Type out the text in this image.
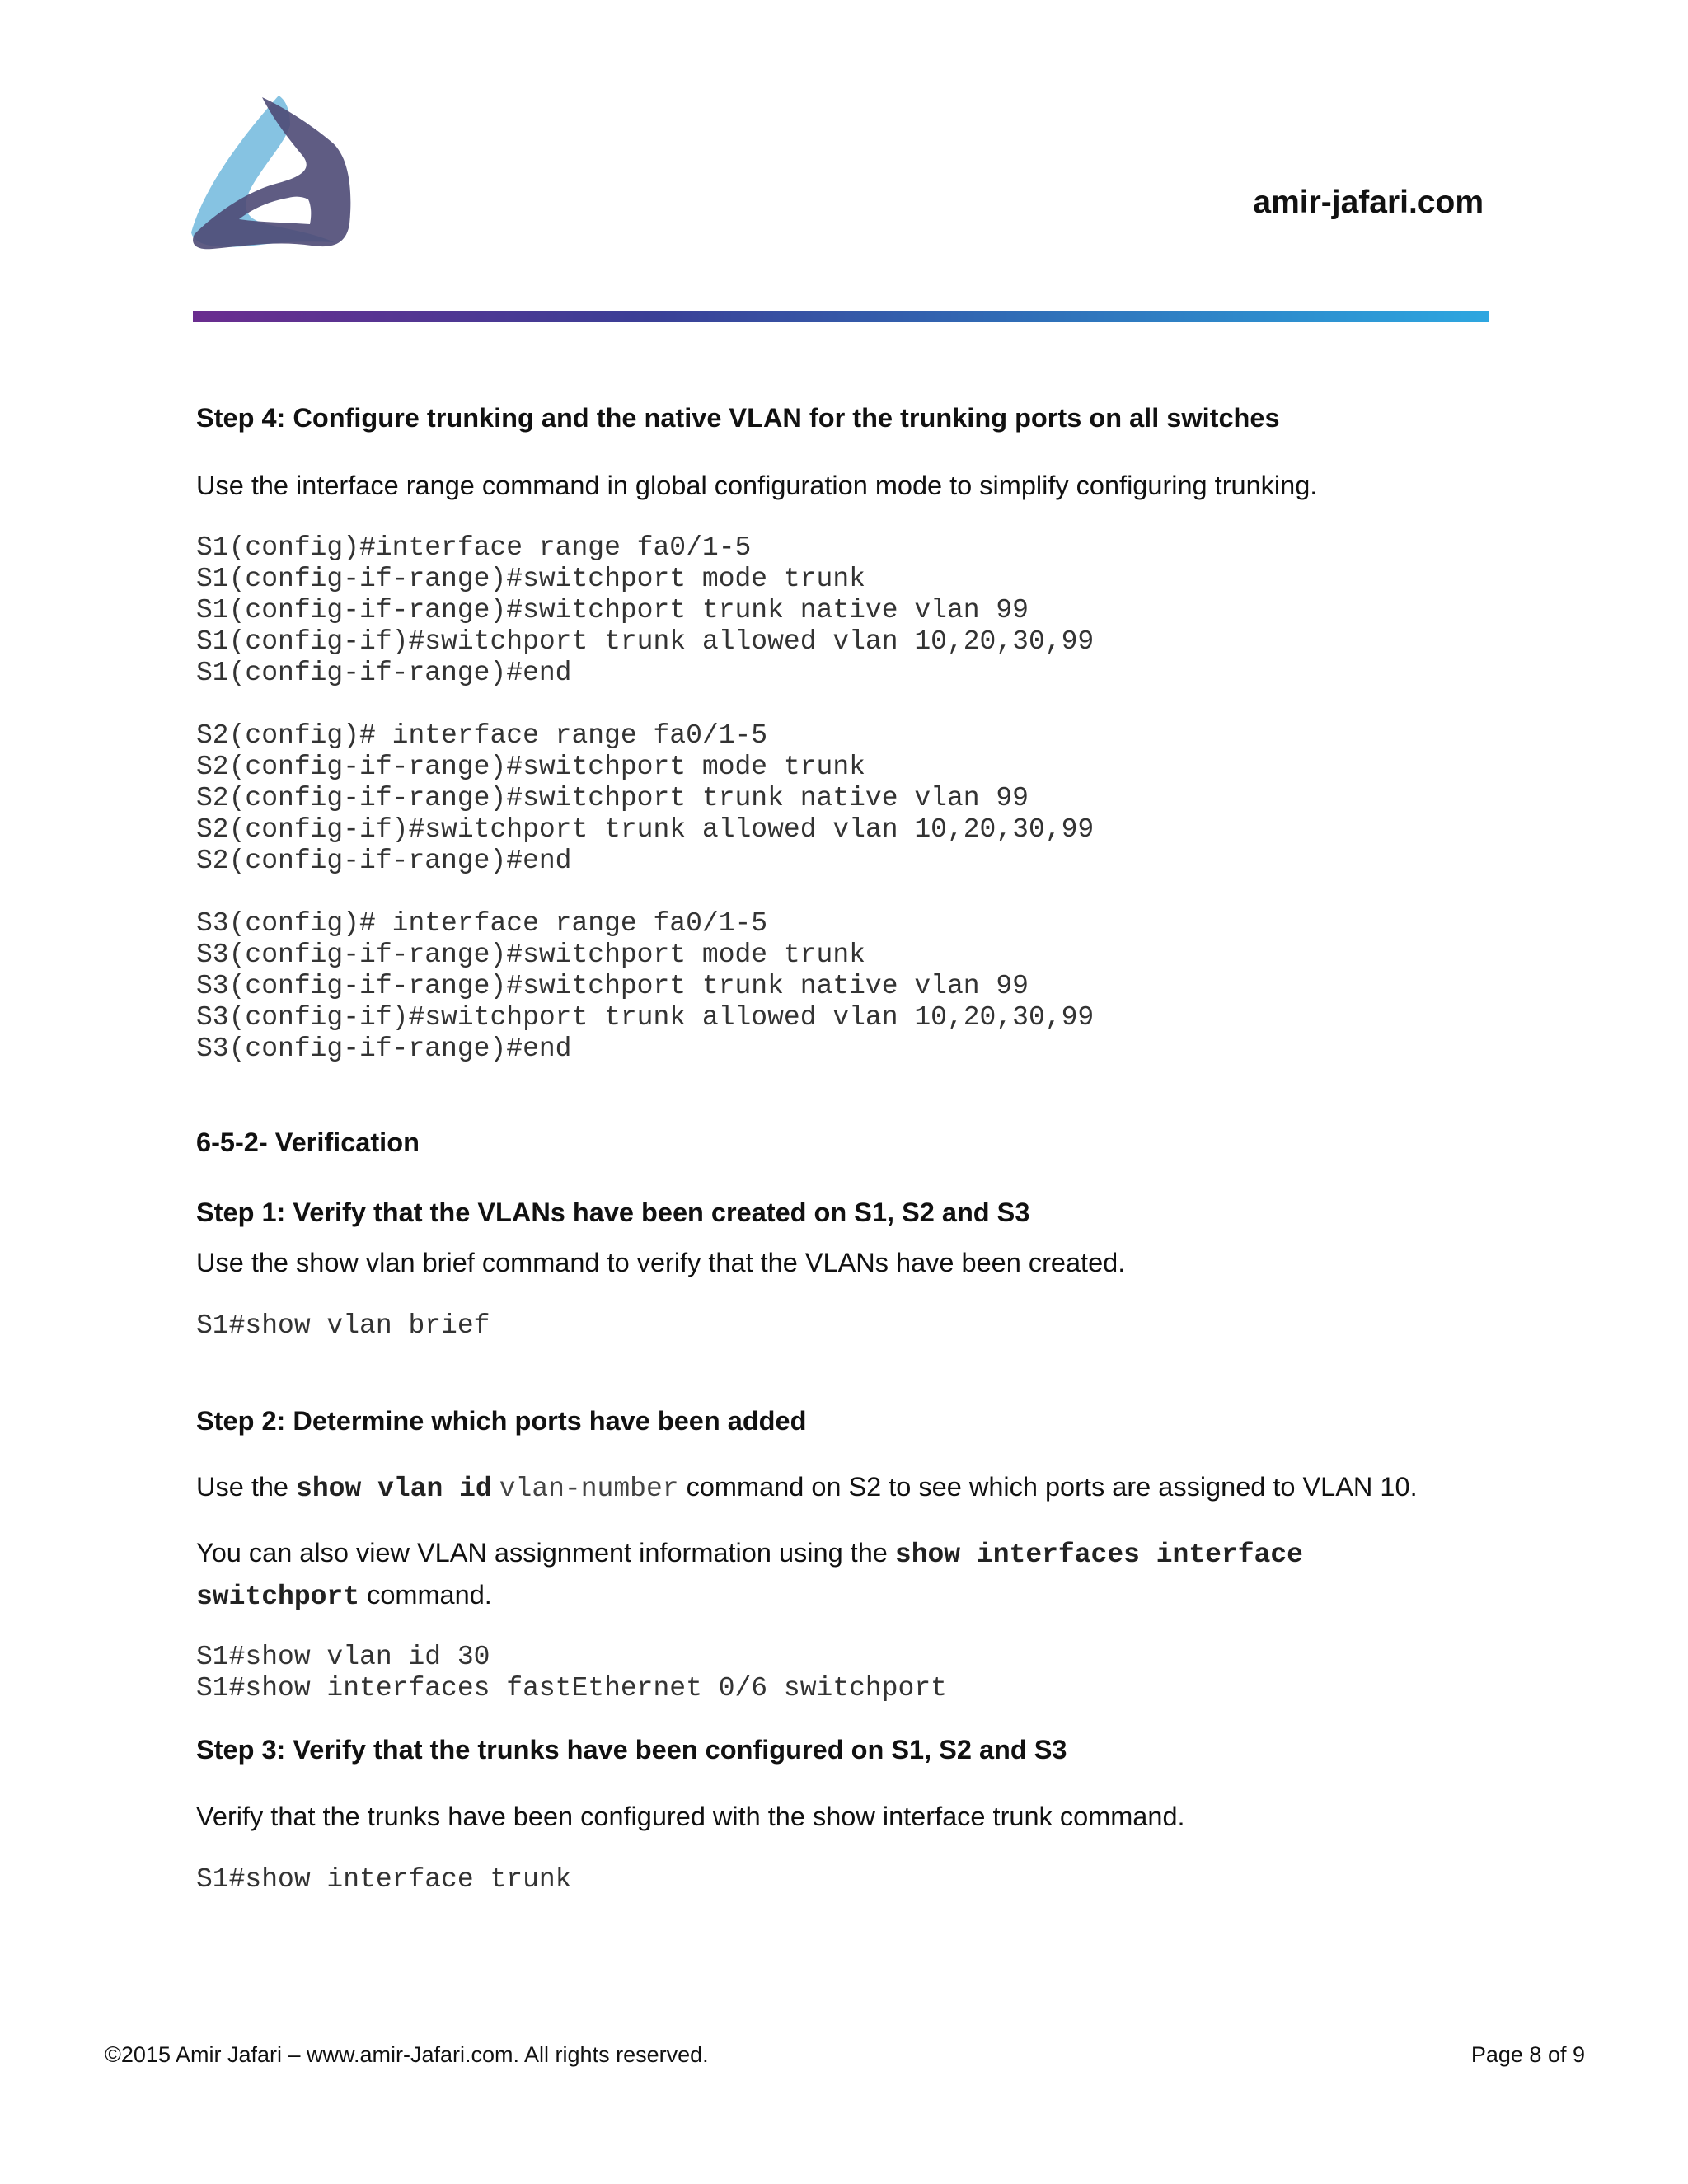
amir-jafari.com
Step 4: Configure trunking and the native VLAN for the trunking ports on all switches
Use the interface range command in global configuration mode to simplify configuring trunking.
S1(config)#interface range fa0/1-5
S1(config-if-range)#switchport mode trunk
S1(config-if-range)#switchport trunk native vlan 99
S1(config-if)#switchport trunk allowed vlan 10,20,30,99
S1(config-if-range)#end
S2(config)# interface range fa0/1-5
S2(config-if-range)#switchport mode trunk
S2(config-if-range)#switchport trunk native vlan 99
S2(config-if)#switchport trunk allowed vlan 10,20,30,99
S2(config-if-range)#end
S3(config)# interface range fa0/1-5
S3(config-if-range)#switchport mode trunk
S3(config-if-range)#switchport trunk native vlan 99
S3(config-if)#switchport trunk allowed vlan 10,20,30,99
S3(config-if-range)#end
6-5-2- Verification
Step 1: Verify that the VLANs have been created on S1, S2 and S3
Use the show vlan brief command to verify that the VLANs have been created.
S1#show vlan brief
Step 2: Determine which ports have been added
Use the show vlan id vlan-number command on S2 to see which ports are assigned to VLAN 10.
You can also view VLAN assignment information using the show interfaces interface
switchport command.
S1#show vlan id 30
S1#show interfaces fastEthernet 0/6 switchport
Step 3: Verify that the trunks have been configured on S1, S2 and S3
Verify that the trunks have been configured with the show interface trunk command.
S1#show interface trunk
©2015 Amir Jafari – www.amir-Jafari.com. All rights reserved.	Page 8 of 9
